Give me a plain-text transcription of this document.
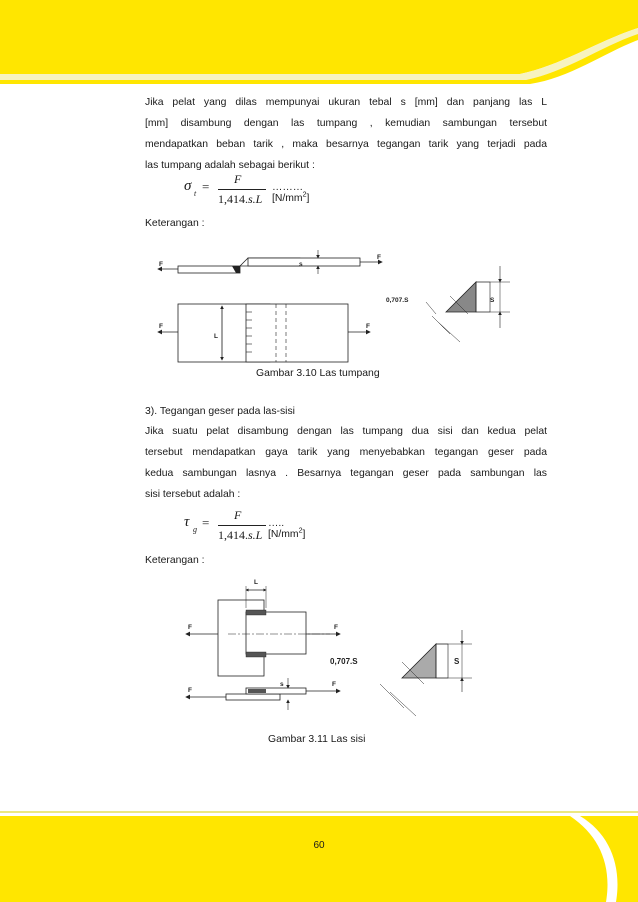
Jika pelat yang dilas mempunyai ukuran tebal s [mm] dan panjang las L
[mm] disambung dengan las tumpang , kemudian sambungan tersebut
mendapatkan beban tarik , maka besarnya tegangan tarik yang terjadi pada
las tumpang adalah sebagai berikut :
σ t = F
1,414.s.L
$\dots\dots\dots[N/mm^2]$

Keterangan :

F
F
s
F	F
L
0,707.S	S

Gambar 3.10 Las tumpang

3). Tegangan geser pada las-sisi

Jika suatu pelat disambung dengan las tumpang dua sisi dan kedua pelat
tersebut mendapatkan gaya tarik yang menyebabkan tegangan geser pada
kedua sambungan lasnya . Besarnya tegangan geser pada sambungan las
sisi tersebut adalah :
τ g = F
1,414.s.L
….. $[N/mm^2]$

Keterangan :

F	F
L
F
F
s
0,707.S	S

Gambar 3.11 Las sisi

60
